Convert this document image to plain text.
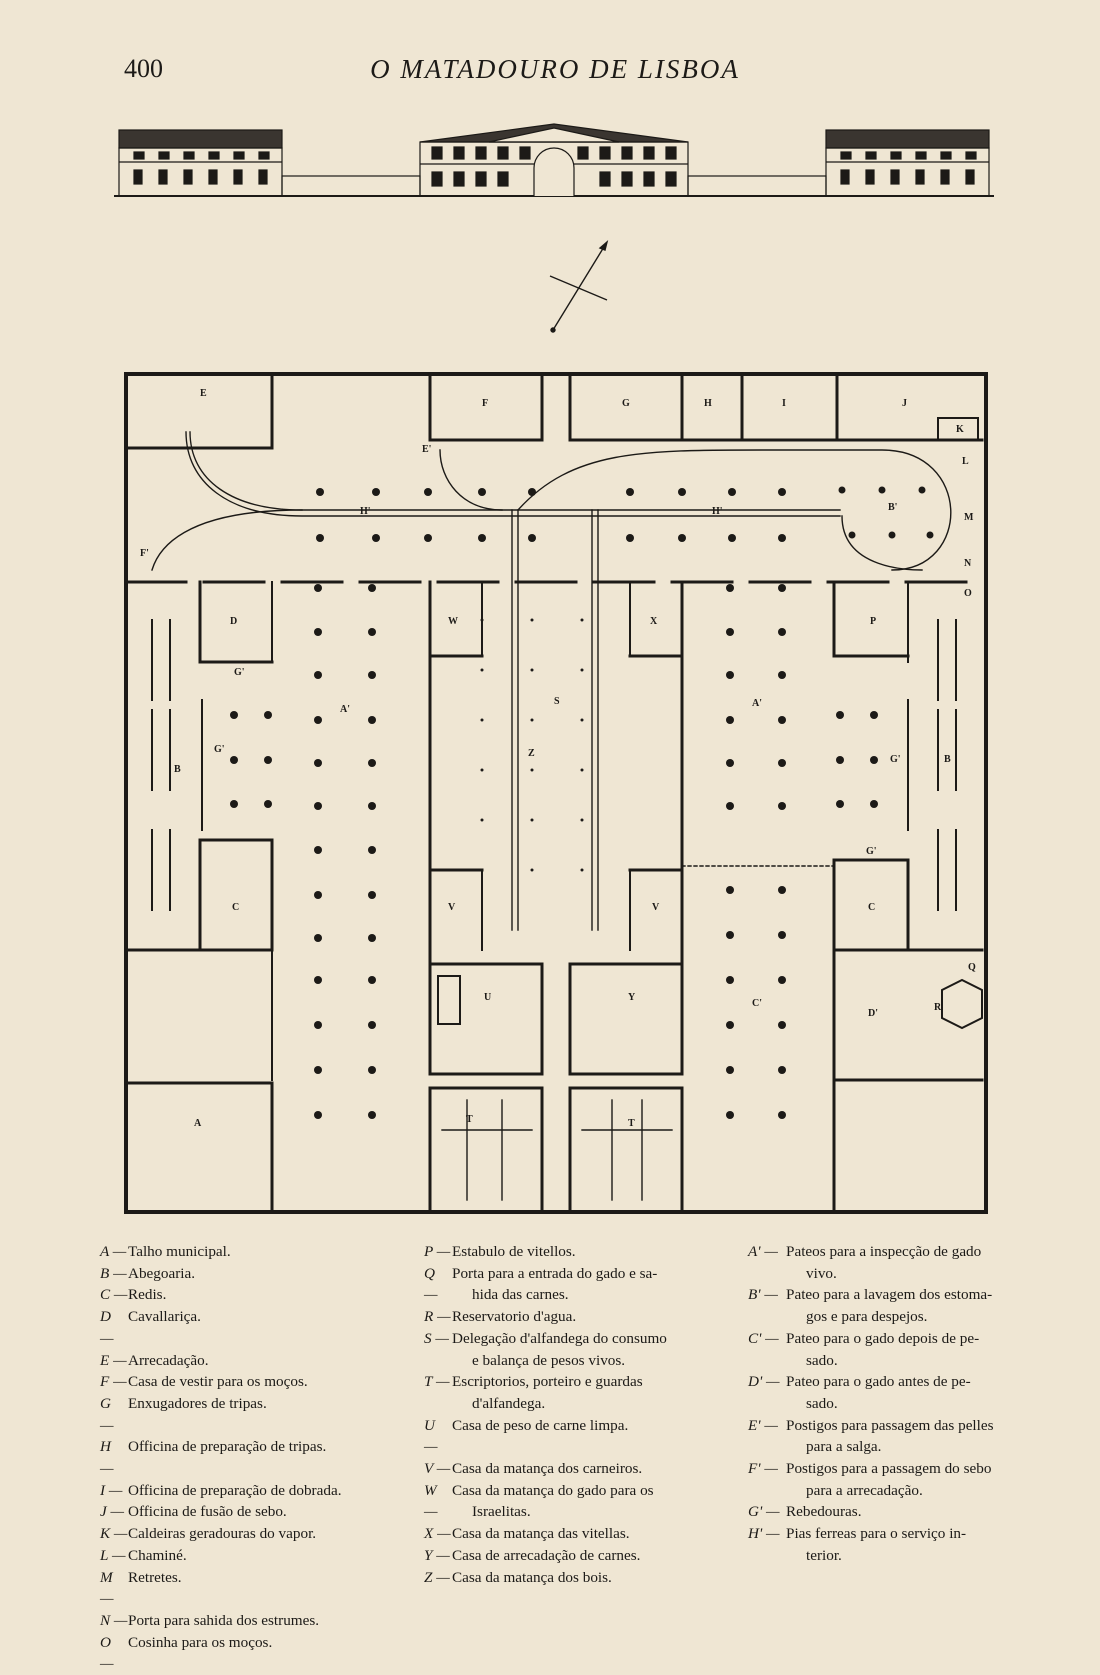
400	O MATADOURO DE LISBOA
E
F	G	H	I	J
K
L
M
N
O
P
Q
R
S
E'
F'
H'	H'	B'
A'
A'
G'
G'
G'
G'
C'
D'
D	W	X
Z
B
B
C	C
V	V
U	Y
T	T
A
A — Talho municipal.
B — Abegoaria.
C — Redis.
D —
Cavallariça.
E — Arrecadação.
F — Casa de vestir para os moços.
G —
Enxugadores de tripas.
H —
Officina de preparação de tripas.
I — Officina de preparação de dobrada.
J — Officina de fusão de sebo.
K — Caldeiras geradouras do vapor.
L — Chaminé.
M —
Retretes.
N — Porta para sahida dos estrumes.
O —
Cosinha para os moços.
P — Estabulo de vitellos.
Q —
Porta para a entrada do gado e sa-
hida das carnes.
R — Reservatorio d'agua.
S — Delegação d'alfandega do consumo
e balança de pesos vivos.
T — Escriptorios, porteiro e guardas
d'alfandega.
U —
Casa de peso de carne limpa.
V — Casa da matança dos carneiros.
W —
Casa da matança do gado para os
Israelitas.
X — Casa da matança das vitellas.
Y — Casa de arrecadação de carnes.
Z — Casa da matança dos bois.
A' — Pateos para a inspecção de gado
vivo.
B' — Pateo para a lavagem dos estoma-
gos e para despejos.
C' — Pateo para o gado depois de pe-
sado.
D' — Pateo para o gado antes de pe-
sado.
E' — Postigos para passagem das pelles
para a salga.
F' — Postigos para a passagem do sebo
para a arrecadação.
G' — Rebedouras.
H' — Pias ferreas para o serviço in-
terior.
